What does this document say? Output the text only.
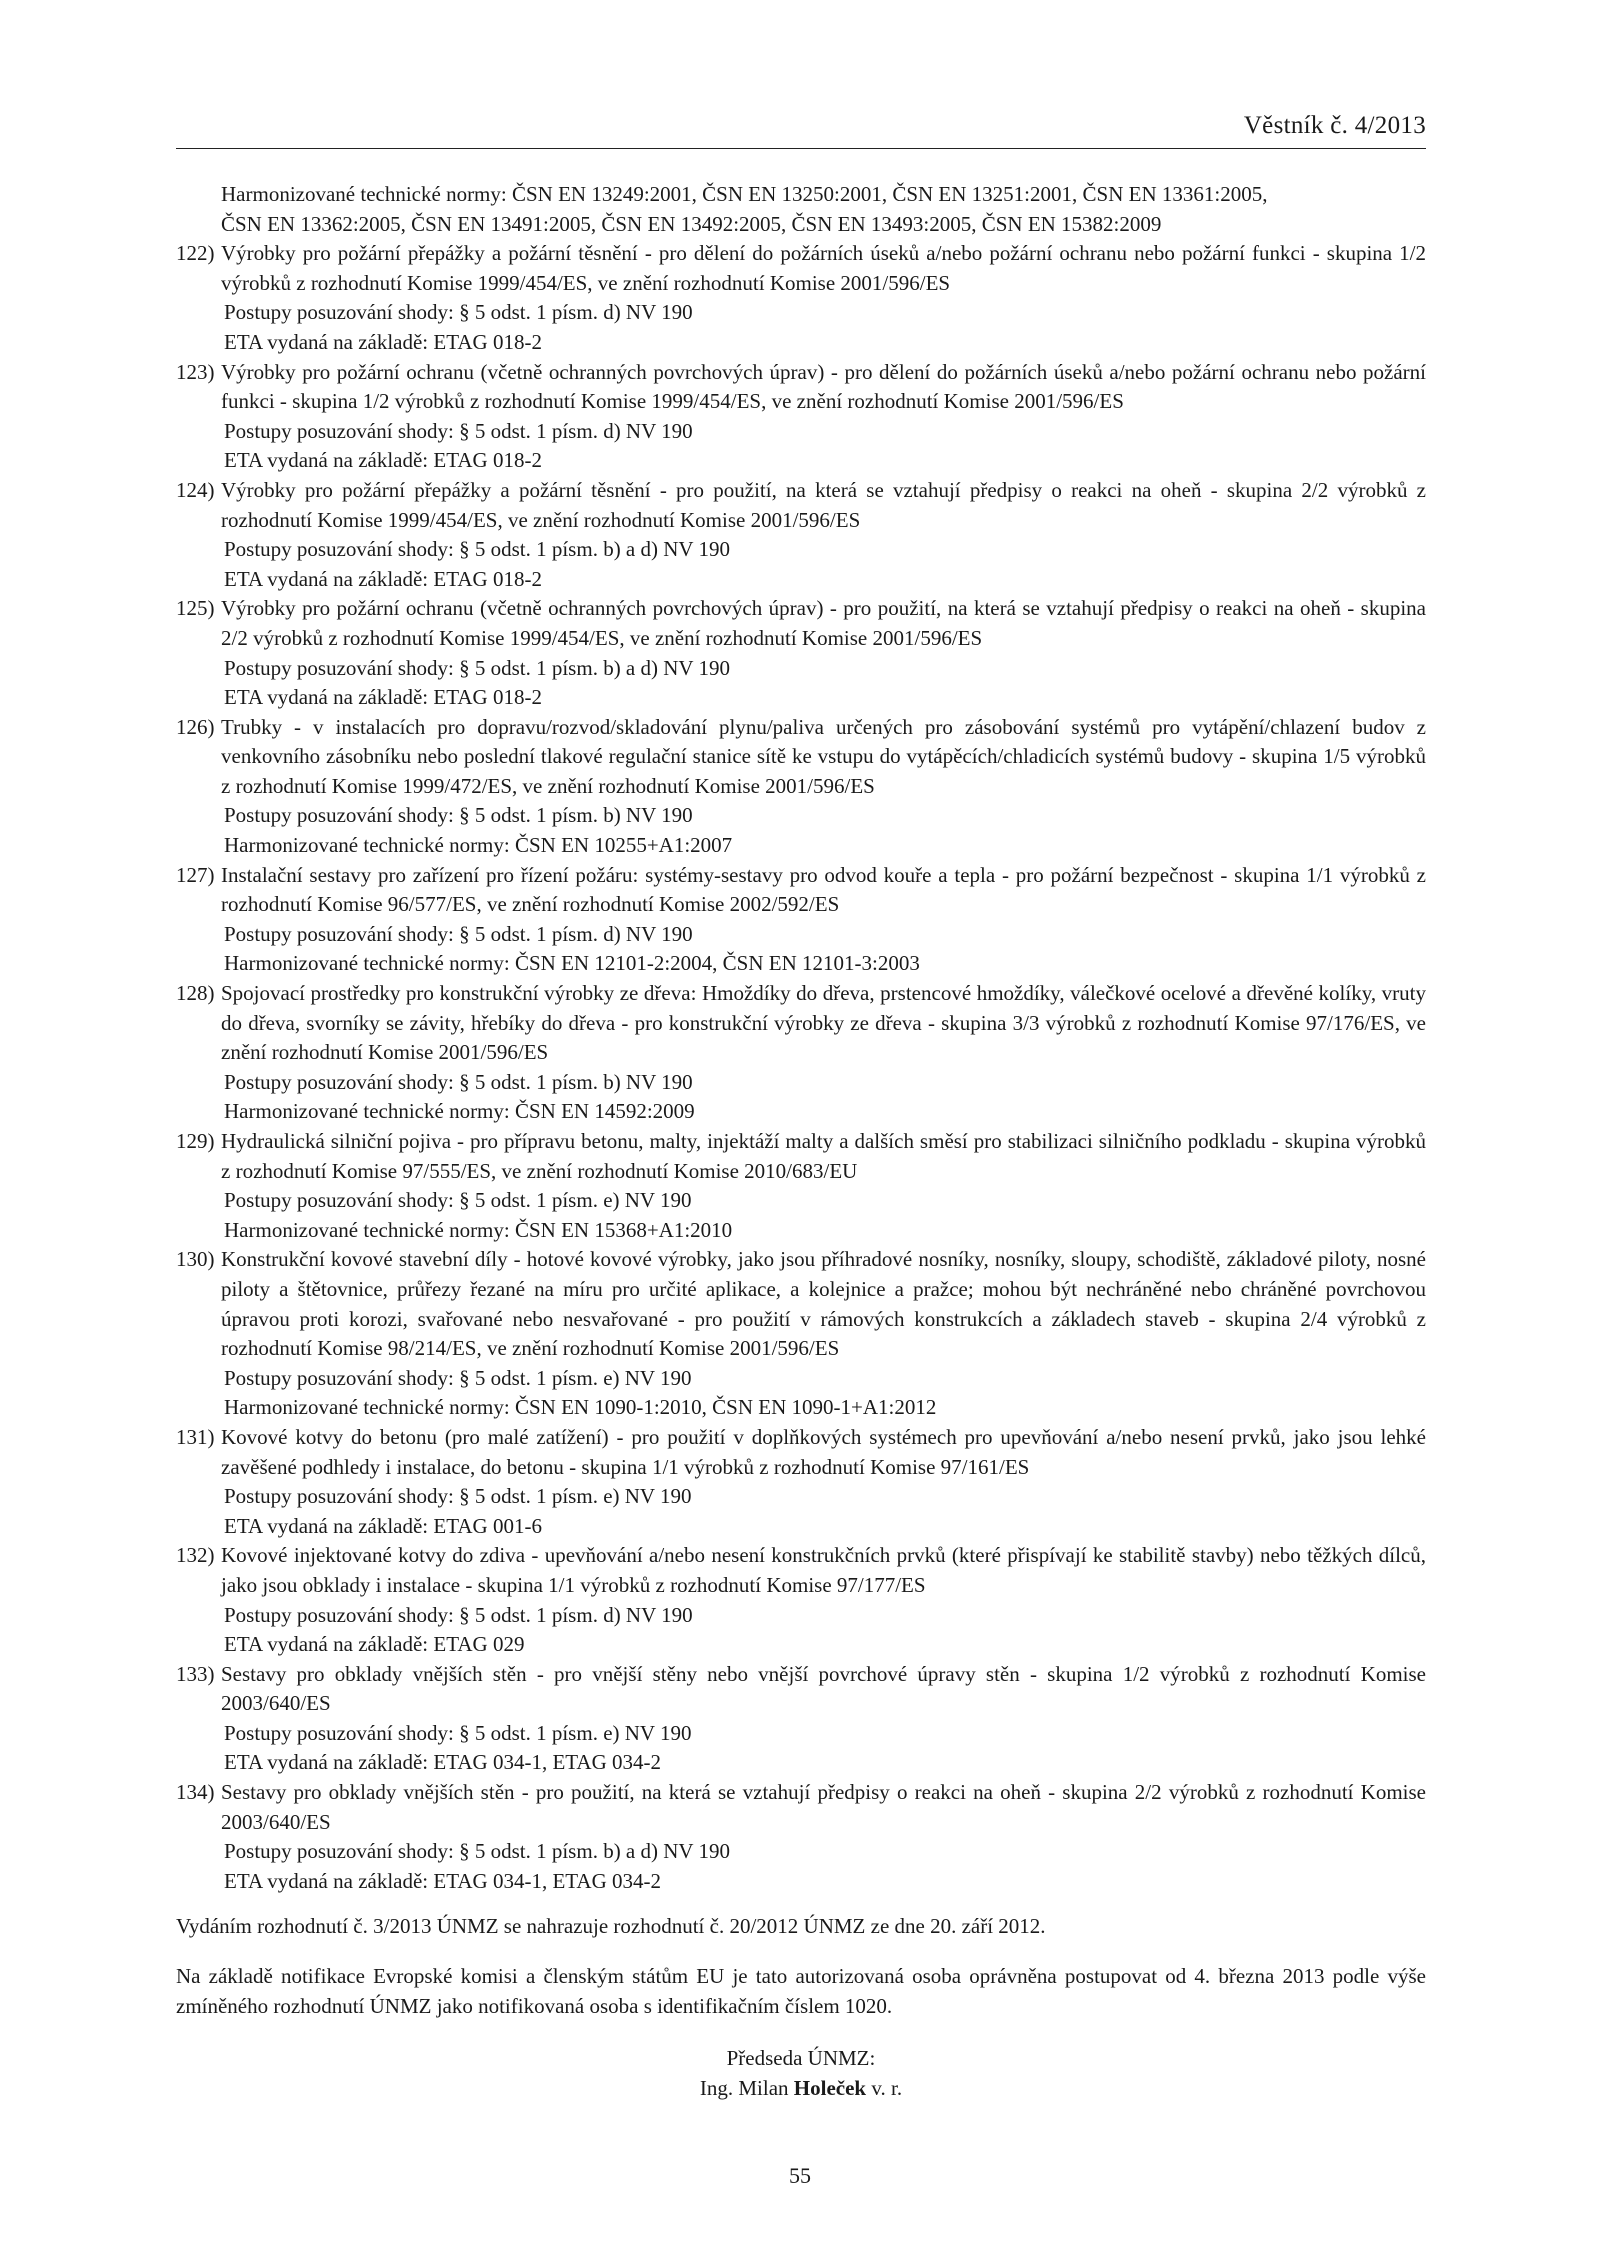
Věstník č. 4/2013

Harmonizované technické normy: ČSN EN 13249:2001, ČSN EN 13250:2001, ČSN EN 13251:2001, ČSN EN 13361:2005,

ČSN EN 13362:2005, ČSN EN 13491:2005, ČSN EN 13492:2005, ČSN EN 13493:2005, ČSN EN 15382:2009

122) Výrobky pro požární přepážky a požární těsnění - pro dělení do požárních úseků a/nebo požární ochranu nebo požární funkci - skupina 1/2 výrobků z rozhodnutí Komise 1999/454/ES, ve znění rozhodnutí Komise 2001/596/ES

Postupy posuzování shody: § 5 odst. 1 písm. d) NV 190

ETA vydaná na základě: ETAG 018-2

123) Výrobky pro požární ochranu (včetně ochranných povrchových úprav) - pro dělení do požárních úseků a/nebo požární ochranu nebo požární funkci - skupina 1/2 výrobků z rozhodnutí Komise 1999/454/ES, ve znění rozhodnutí Komise 2001/596/ES

Postupy posuzování shody: § 5 odst. 1 písm. d) NV 190

ETA vydaná na základě: ETAG 018-2

124) Výrobky pro požární přepážky a požární těsnění - pro použití, na která se vztahují předpisy o reakci na oheň - skupina 2/2 výrobků z rozhodnutí Komise 1999/454/ES, ve znění rozhodnutí Komise 2001/596/ES

Postupy posuzování shody: § 5 odst. 1 písm. b) a d) NV 190

ETA vydaná na základě: ETAG 018-2

125) Výrobky pro požární ochranu (včetně ochranných povrchových úprav) - pro použití, na která se vztahují předpisy o reakci na oheň - skupina 2/2 výrobků z rozhodnutí Komise 1999/454/ES, ve znění rozhodnutí Komise 2001/596/ES

Postupy posuzování shody: § 5 odst. 1 písm. b) a d) NV 190

ETA vydaná na základě: ETAG 018-2

126) Trubky - v instalacích pro dopravu/rozvod/skladování plynu/paliva určených pro zásobování systémů pro vytápění/chlazení budov z venkovního zásobníku nebo poslední tlakové regulační stanice sítě ke vstupu do vytápěcích/chladicích systémů budovy - skupina 1/5 výrobků z rozhodnutí Komise 1999/472/ES, ve znění rozhodnutí Komise 2001/596/ES

Postupy posuzování shody: § 5 odst. 1 písm. b) NV 190

Harmonizované technické normy: ČSN EN 10255+A1:2007

127) Instalační sestavy pro zařízení pro řízení požáru: systémy-sestavy pro odvod kouře a tepla - pro požární bezpečnost - skupina 1/1 výrobků z rozhodnutí Komise 96/577/ES, ve znění rozhodnutí Komise 2002/592/ES

Postupy posuzování shody: § 5 odst. 1 písm. d) NV 190

Harmonizované technické normy: ČSN EN 12101-2:2004, ČSN EN 12101-3:2003

128) Spojovací prostředky pro konstrukční výrobky ze dřeva: Hmoždíky do dřeva, prstencové hmoždíky, válečkové ocelové a dřevěné kolíky, vruty do dřeva, svorníky se závity, hřebíky do dřeva - pro konstrukční výrobky ze dřeva - skupina 3/3 výrobků z rozhodnutí Komise 97/176/ES, ve znění rozhodnutí Komise 2001/596/ES

Postupy posuzování shody: § 5 odst. 1 písm. b) NV 190

Harmonizované technické normy: ČSN EN 14592:2009

129) Hydraulická silniční pojiva - pro přípravu betonu, malty, injektáží malty a dalších směsí pro stabilizaci silničního podkladu - skupina výrobků z rozhodnutí Komise 97/555/ES, ve znění rozhodnutí Komise 2010/683/EU

Postupy posuzování shody: § 5 odst. 1 písm. e) NV 190

Harmonizované technické normy: ČSN EN 15368+A1:2010

130) Konstrukční kovové stavební díly - hotové kovové výrobky, jako jsou příhradové nosníky, nosníky, sloupy, schodiště, základové piloty, nosné piloty a štětovnice, průřezy řezané na míru pro určité aplikace, a kolejnice a pražce; mohou být nechráněné nebo chráněné povrchovou úpravou proti korozi, svařované nebo nesvařované - pro použití v rámových konstrukcích a základech staveb - skupina 2/4 výrobků z rozhodnutí Komise 98/214/ES, ve znění rozhodnutí Komise 2001/596/ES

Postupy posuzování shody: § 5 odst. 1 písm. e) NV 190

Harmonizované technické normy: ČSN EN 1090-1:2010, ČSN EN 1090-1+A1:2012

131) Kovové kotvy do betonu (pro malé zatížení) - pro použití v doplňkových systémech pro upevňování a/nebo nesení prvků, jako jsou lehké zavěšené podhledy i instalace, do betonu - skupina 1/1 výrobků z rozhodnutí Komise 97/161/ES

Postupy posuzování shody: § 5 odst. 1 písm. e) NV 190

ETA vydaná na základě: ETAG 001-6

132) Kovové injektované kotvy do zdiva - upevňování a/nebo nesení konstrukčních prvků (které přispívají ke stabilitě stavby) nebo těžkých dílců, jako jsou obklady i instalace - skupina 1/1 výrobků z rozhodnutí Komise 97/177/ES

Postupy posuzování shody: § 5 odst. 1 písm. d) NV 190

ETA vydaná na základě: ETAG 029

133) Sestavy pro obklady vnějších stěn - pro vnější stěny nebo vnější povrchové úpravy stěn - skupina 1/2 výrobků z rozhodnutí Komise 2003/640/ES

Postupy posuzování shody: § 5 odst. 1 písm. e) NV 190

ETA vydaná na základě: ETAG 034-1, ETAG 034-2

134) Sestavy pro obklady vnějších stěn - pro použití, na která se vztahují předpisy o reakci na oheň - skupina 2/2 výrobků z rozhodnutí Komise 2003/640/ES

Postupy posuzování shody: § 5 odst. 1 písm. b) a d) NV 190

ETA vydaná na základě: ETAG 034-1, ETAG 034-2

Vydáním rozhodnutí č. 3/2013 ÚNMZ se nahrazuje rozhodnutí č. 20/2012 ÚNMZ ze dne 20. září 2012.

Na základě notifikace Evropské komisi a členským státům EU je tato autorizovaná osoba oprávněna postupovat od 4. března 2013 podle výše zmíněného rozhodnutí ÚNMZ jako notifikovaná osoba s identifikačním číslem 1020.

Předseda ÚNMZ:
Ing. Milan Holeček v. r.
55
